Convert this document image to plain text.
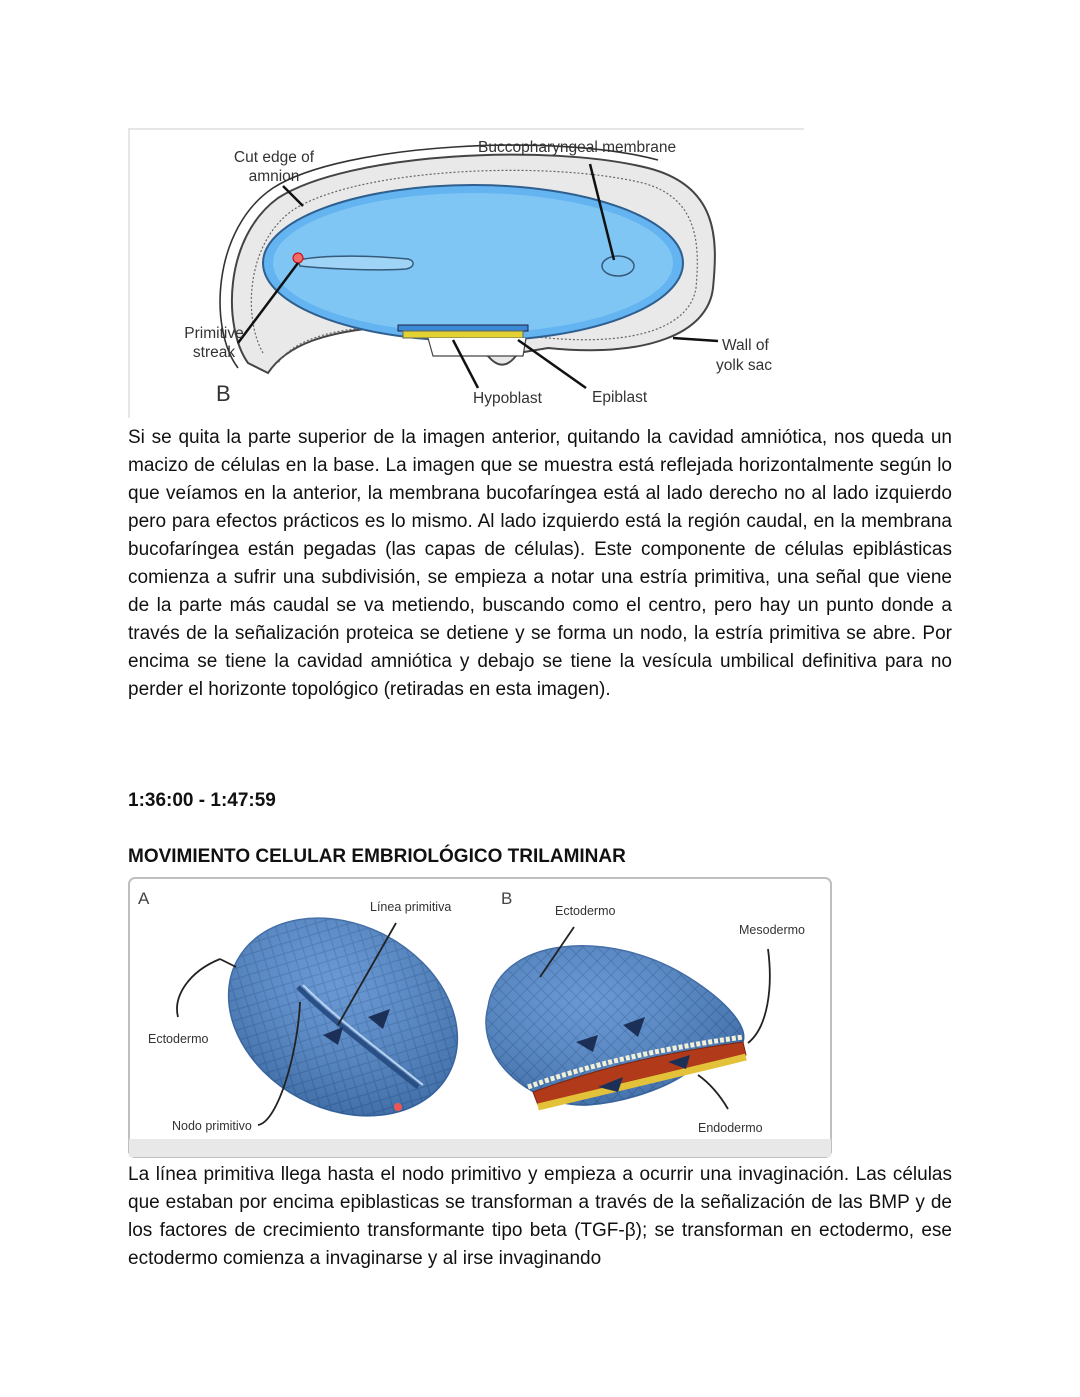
Cut edge of
amnion
Buccopharyngeal membrane
Primitive
streak	Wall of
yolk sac
B	Hypoblast	Epiblast
Si se quita la parte superior de la imagen anterior, quitando la cavidad amniótica, nos queda un macizo de células en la base. La imagen que se muestra está reflejada horizontalmente según lo que veíamos en la anterior, la membrana bucofaríngea está al lado derecho no al lado izquierdo pero para efectos prácticos es lo mismo. Al lado izquierdo está la región caudal, en la membrana bucofaríngea están pegadas (las capas de células). Este componente de células epiblásticas comienza a sufrir una subdivisión, se empieza a notar una estría primitiva, una señal que viene de la parte más caudal se va metiendo, buscando como el centro, pero hay un punto donde a través de la señalización proteica se detiene y se forma un nodo, la estría primitiva se abre. Por encima se tiene la cavidad amniótica y debajo se tiene la vesícula umbilical definitiva para no perder el horizonte topológico (retiradas en esta imagen).
1:36:00 - 1:47:59
MOVIMIENTO CELULAR EMBRIOLÓGICO TRILAMINAR
A	Línea primitiva
Ectodermo
Nodo primitivo
B
Ectodermo
Mesodermo
Endodermo
La línea primitiva llega hasta el nodo primitivo y empieza a ocurrir una invaginación. Las células que estaban por encima epiblasticas se transforman a través de la señalización de las BMP y de los factores de crecimiento transformante tipo beta (TGF-β); se transforman en ectodermo, ese ectodermo comienza a invaginarse y al irse invaginando
